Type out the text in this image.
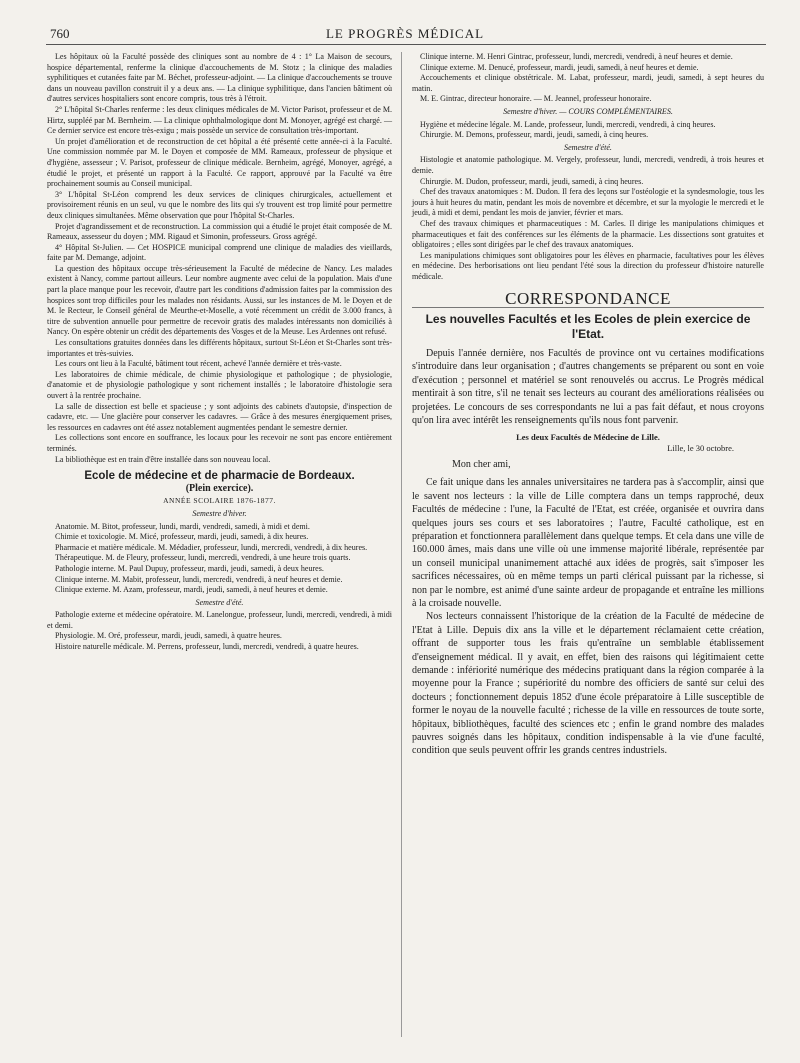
760	LE PROGRÈS MÉDICAL

Les hôpitaux où la Faculté possède des cliniques sont au nombre de 4 : 1° La Maison de secours, hospice départemental, renferme la clinique d'accouchements de M. Stotz ; la clinique des maladies syphilitiques et cutanées faite par M. Béchet, professeur-adjoint. — La clinique d'accouchements se trouve dans un nouveau pavillon construit il y a deux ans. — La clinique syphilitique, dans l'ancien bâtiment où d'autres services hospitaliers sont encore compris, tous très à l'étroit.

2° L'hôpital St-Charles renferme : les deux cliniques médicales de M. Victor Parisot, professeur et de M. Hirtz, suppléé par M. Bernheim. — La clinique ophthalmologique dont M. Monoyer, agrégé est chargé. — Ce dernier service est encore très-exigu ; mais possède un service de consultation très-important.

Un projet d'amélioration et de reconstruction de cet hôpital a été présenté cette année-ci à la Faculté. Une commission nommée par M. le Doyen et composée de MM. Rameaux, professeur de physique et d'hygiène, assesseur ; V. Parisot, professeur de clinique médicale. Bernheim, agrégé, Monoyer, agrégé, a étudié le projet, et présenté un rapport à la Faculté. Ce rapport, approuvé par la Faculté va être prochainement soumis au Conseil municipal.

3° L'hôpital St-Léon comprend les deux services de cliniques chirurgicales, actuellement et provisoirement réunis en un seul, vu que le nombre des lits qui s'y trouvent est trop limité pour permettre deux cliniques simultanées. Même observation que pour l'hôpital St-Charles.

Projet d'agrandissement et de reconstruction. La commission qui a étudié le projet était composée de M. Rameaux, assesseur du doyen ; MM. Rigaud et Simonin, professeurs. Gross agrégé.

4° Hôpital St-Julien. — Cet HOSPICE municipal comprend une clinique de maladies des vieillards, faite par M. Demange, adjoint.

La question des hôpitaux occupe très-sérieusement la Faculté de médecine de Nancy. Les malades existent à Nancy, comme partout ailleurs. Leur nombre augmente avec celui de la population. Mais d'une part la place manque pour les recevoir, d'autre part les conditions d'admission faites par la commission des hospices sont trop difficiles pour les malades non résidants. Aussi, sur les instances de M. le Doyen et de M. le Recteur, le Conseil général de Meurthe-et-Moselle, a voté récemment un crédit de 3.000 francs, à titre de subvention annuelle pour permettre de recevoir gratis des malades intéressants non domiciliés à Nancy. On espère obtenir un crédit des départements des Vosges et de la Meuse. Les Ardennes ont refusé.

Les consultations gratuites données dans les différents hôpitaux, surtout St-Léon et St-Charles sont très-importantes et très-suivies.

Les cours ont lieu à la Faculté, bâtiment tout récent, achevé l'année dernière et très-vaste.

Les laboratoires de chimie médicale, de chimie physiologique et pathologique ; de physiologie, d'anatomie et de physiologie pathologique y sont richement installés ; le laboratoire d'histologie sera ouvert à la rentrée prochaine.

La salle de dissection est belle et spacieuse ; y sont adjoints des cabinets d'autopsie, d'inspection de cadavre, etc. — Une glacière pour conserver les cadavres. — Grâce à des mesures énergiquement prises, les ressources en cadavres ont été assez notablement augmentées pendant le semestre dernier.

Les collections sont encore en souffrance, les locaux pour les recevoir ne sont pas encore entièrement terminés.

La bibliothèque est en train d'être installée dans son nouveau local.

Ecole de médecine et de pharmacie de Bordeaux.
(Plein exercice).
ANNÉE SCOLAIRE 1876-1877.
Semestre d'hiver.

Anatomie. M. Bitot, professeur, lundi, mardi, vendredi, samedi, à midi et demi.

Chimie et toxicologie. M. Micé, professeur, mardi, jeudi, samedi, à dix heures.

Pharmacie et matière médicale. M. Médadier, professeur, lundi, mercredi, vendredi, à dix heures.

Thérapeutique. M. de Fleury, professeur, lundi, mercredi, vendredi, à une heure trois quarts.

Pathologie interne. M. Paul Dupuy, professeur, mardi, jeudi, samedi, à deux heures.

Clinique interne. M. Mabit, professeur, lundi, mercredi, vendredi, à neuf heures et demie.

Clinique externe. M. Azam, professeur, mardi, jeudi, samedi, à neuf heures et demie.

Semestre d'été.

Pathologie externe et médecine opératoire. M. Lanelongue, professeur, lundi, mercredi, vendredi, à midi et demi.

Physiologie. M. Oré, professeur, mardi, jeudi, samedi, à quatre heures.

Histoire naturelle médicale. M. Perrens, professeur, lundi, mercredi, vendredi, à quatre heures.

Clinique interne. M. Henri Gintrac, professeur, lundi, mercredi, vendredi, à neuf heures et demie.

Clinique externe. M. Denucé, professeur, mardi, jeudi, samedi, à neuf heures et demie.

Accouchements et clinique obstétricale. M. Labat, professeur, mardi, jeudi, samedi, à sept heures du matin.

M. E. Gintrac, directeur honoraire. — M. Jeannel, professeur honoraire.

Semestre d'hiver. — COURS COMPLÉMENTAIRES.

Hygiène et médecine légale. M. Lande, professeur, lundi, mercredi, vendredi, à cinq heures.

Chirurgie. M. Demons, professeur, mardi, jeudi, samedi, à cinq heures.

Semestre d'été.

Histologie et anatomie pathologique. M. Vergely, professeur, lundi, mercredi, vendredi, à trois heures et demie.

Chirurgie. M. Dudon, professeur, mardi, jeudi, samedi, à cinq heures.

Chef des travaux anatomiques : M. Dudon. Il fera des leçons sur l'ostéologie et la syndesmologie, tous les jours à huit heures du matin, pendant les mois de novembre et décembre, et sur la myologie le mercredi et le jeudi, à midi et demi, pendant les mois de janvier, février et mars.

Chef des travaux chimiques et pharmaceutiques : M. Carles. Il dirige les manipulations chimiques et pharmaceutiques et fait des conférences sur les éléments de la pharmacie. Les dissections sont gratuites et obligatoires ; elles sont dirigées par le chef des travaux anatomiques.

Les manipulations chimiques sont obligatoires pour les élèves en pharmacie, facultatives pour les élèves en médecine. Des herborisations ont lieu pendant l'été sous la direction du professeur d'histoire naturelle médicale.

CORRESPONDANCE
Les nouvelles Facultés et les Ecoles de plein exercice de l'Etat.

Depuis l'année dernière, nos Facultés de province ont vu certaines modifications s'introduire dans leur organisation ; d'autres changements se préparent ou sont en voie d'exécution ; personnel et matériel se sont renouvelés ou accrus. Le Progrès médical mentirait à son titre, s'il ne tenait ses lecteurs au courant des améliorations réalisées ou projetées. Le concours de ses correspondants ne lui a pas fait défaut, et nous croyons qu'on lira avec intérêt les renseignements qu'ils nous font parvenir.

Les deux Facultés de Médecine de Lille.
Lille, le 30 octobre.
Mon cher ami,

Ce fait unique dans les annales universitaires ne tardera pas à s'accomplir, ainsi que le savent nos lecteurs : la ville de Lille comptera dans un temps rapproché, deux Facultés de médecine : l'une, la Faculté de l'Etat, est créée, organisée et ouvrira dans quelques jours ses cours et ses laboratoires ; l'autre, Faculté catholique, est en préparation et fonctionnera parallèlement dans quelque temps. Et cela dans une ville de 160.000 âmes, mais dans une ville où une immense majorité libérale, représentée par un conseil municipal unanimement attaché aux idées de progrès, sait s'imposer les sacrifices nécessaires, où en même temps un parti clérical puissant par la richesse, si non par le nombre, est animé d'une sainte ardeur de propagande et entraîne les millions à la croisade nouvelle.

Nos lecteurs connaissent l'historique de la création de la Faculté de médecine de l'Etat à Lille. Depuis dix ans la ville et le département réclamaient cette création, offrant de supporter tous les frais qu'entraîne un semblable établissement d'enseignement médical. Il y avait, en effet, bien des raisons qui légitimaient cette demande : infériorité numérique des médecins pratiquant dans la région comparée à la moyenne pour la France ; supériorité du nombre des officiers de santé sur celui des docteurs ; fonctionnement depuis 1852 d'une école préparatoire à Lille susceptible de former le noyau de la nouvelle faculté ; richesse de la ville en ressources de toute sorte, hôpitaux, bibliothèques, faculté des sciences etc ; enfin le grand nombre des malades pauvres soignés dans les hôpitaux, condition indispensable à la vie d'une faculté, condition que seuls peuvent offrir les grands centres industriels.
